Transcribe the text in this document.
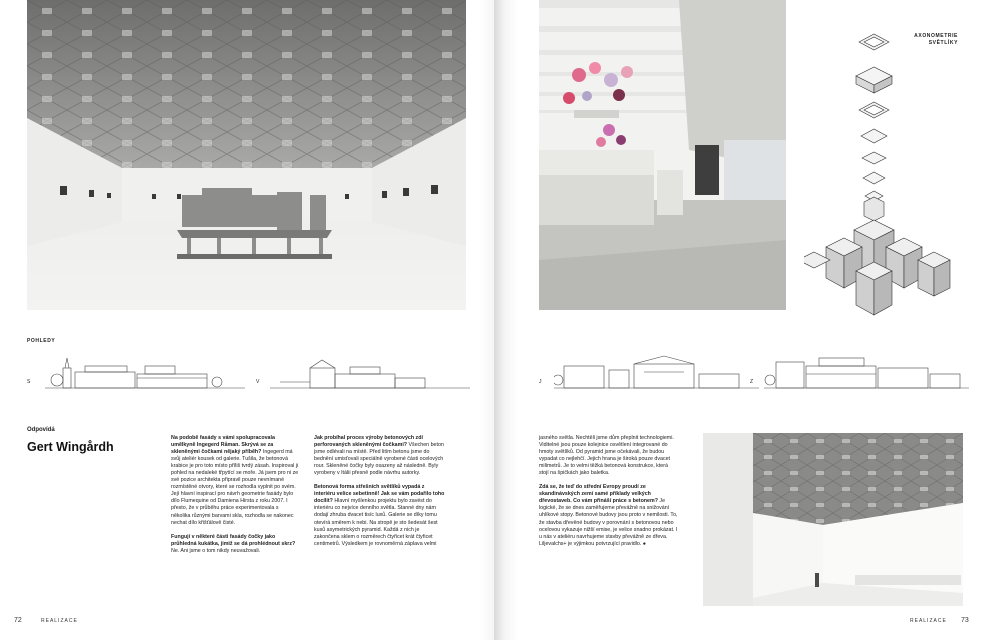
POHLEDY
S	V
Odpovídá
Gert Wingårdh

Na podobě fasády s vámi spolupracovala umělkyně Ingegerd Råman. Skrývá se za skleněnými čočkami nějaký příběh? Ingegerd má svůj ateliér kousek od galerie. Tušila, že betonová krabice je pro toto místo příliš tvrdý zásah. Inspiroval ji pohled na nedaleké třpytící se moře. Já jsem pro ni ze své pozice architekta připravil pouze nevnímané rozmístěné otvory, které se rozhodla vyplnit po svém. Její hlavní inspirací pro návrh geometrie fasády bylo dílo Flumequine od Damiena Hirsta z roku 2007. I přesto, že v průběhu práce experimentovala s několika různými barvami skla, rozhodla se nakonec nechat dílo křišťálově čisté.

Fungují v některé části fasády čočky jako průhledná kukátka, jimiž se dá prohlédnout skrz? Ne. Ani jsme o tom nikdy neuvažovali.

Jak probíhal proces výroby betonových zdí perforovaných skleněnými čočkami? Všechen beton jsme odlévali na místě. Před litím betonu jsme do bednění umisťovali speciálně vyrobené části ocelových rour. Skleněné čočky byly osazeny až následně. Byly vyrobeny v Itálii přesně podle návrhu autorky.

Betonová forma střešních světlíků vypadá z interiéru velice sebetinně! Jak se vám podařilo toho docílit? Hlavní myšlenkou projektu bylo zavést do interiéru co nejvíce denního světla. Stanné dny nám dodají zhruba dvacet tisíc luxů. Galerie se díky tomu otevírá směrem k nebi. Na stropě je sto šedesát šest kusů asymetrických pyramid. Každá z nich je zakončena sklem o rozměrech čtyřicet krát čtyřicet centimetrů. Výsledkem je rovnoměrná záplava velmi

72	REALIZACE
AXONOMETRIE
SVĚTLÍKY
J	Z

jasného světla. Nechtěli jsme dům přeplnit technologiemi. Viditelné jsou pouze kolejnice osvětlení integrované do hmoty světlíků. Od pyramid jsme očekávali, že budou vypadat co nejlehčí. Jejich hrana je široká pouze dvacet milimetrů. Je to velmi těžká betonová konstrukce, která stojí na špičkách jako baletka.

Zdá se, že teď do střední Evropy proudí ze skandinávských zemí samé příklady velkých dřevostaveb. Co vám přináší práce s betonem? Je logické, že se dnes zaměřujeme převážně na snižování uhlíkové stopy. Betonové budovy jsou proto v nemilosti. To, že stavba dřevěné budovy v porovnání s betonovou nebo ocelovou vykazuje nižší emise, je velice snadno prokázat. I u nás v ateliéru navrhujeme stavby převážně ze dřeva. Liljevalchs+ je výjimkou potvrzující pravidlo. ●

REALIZACE 73
